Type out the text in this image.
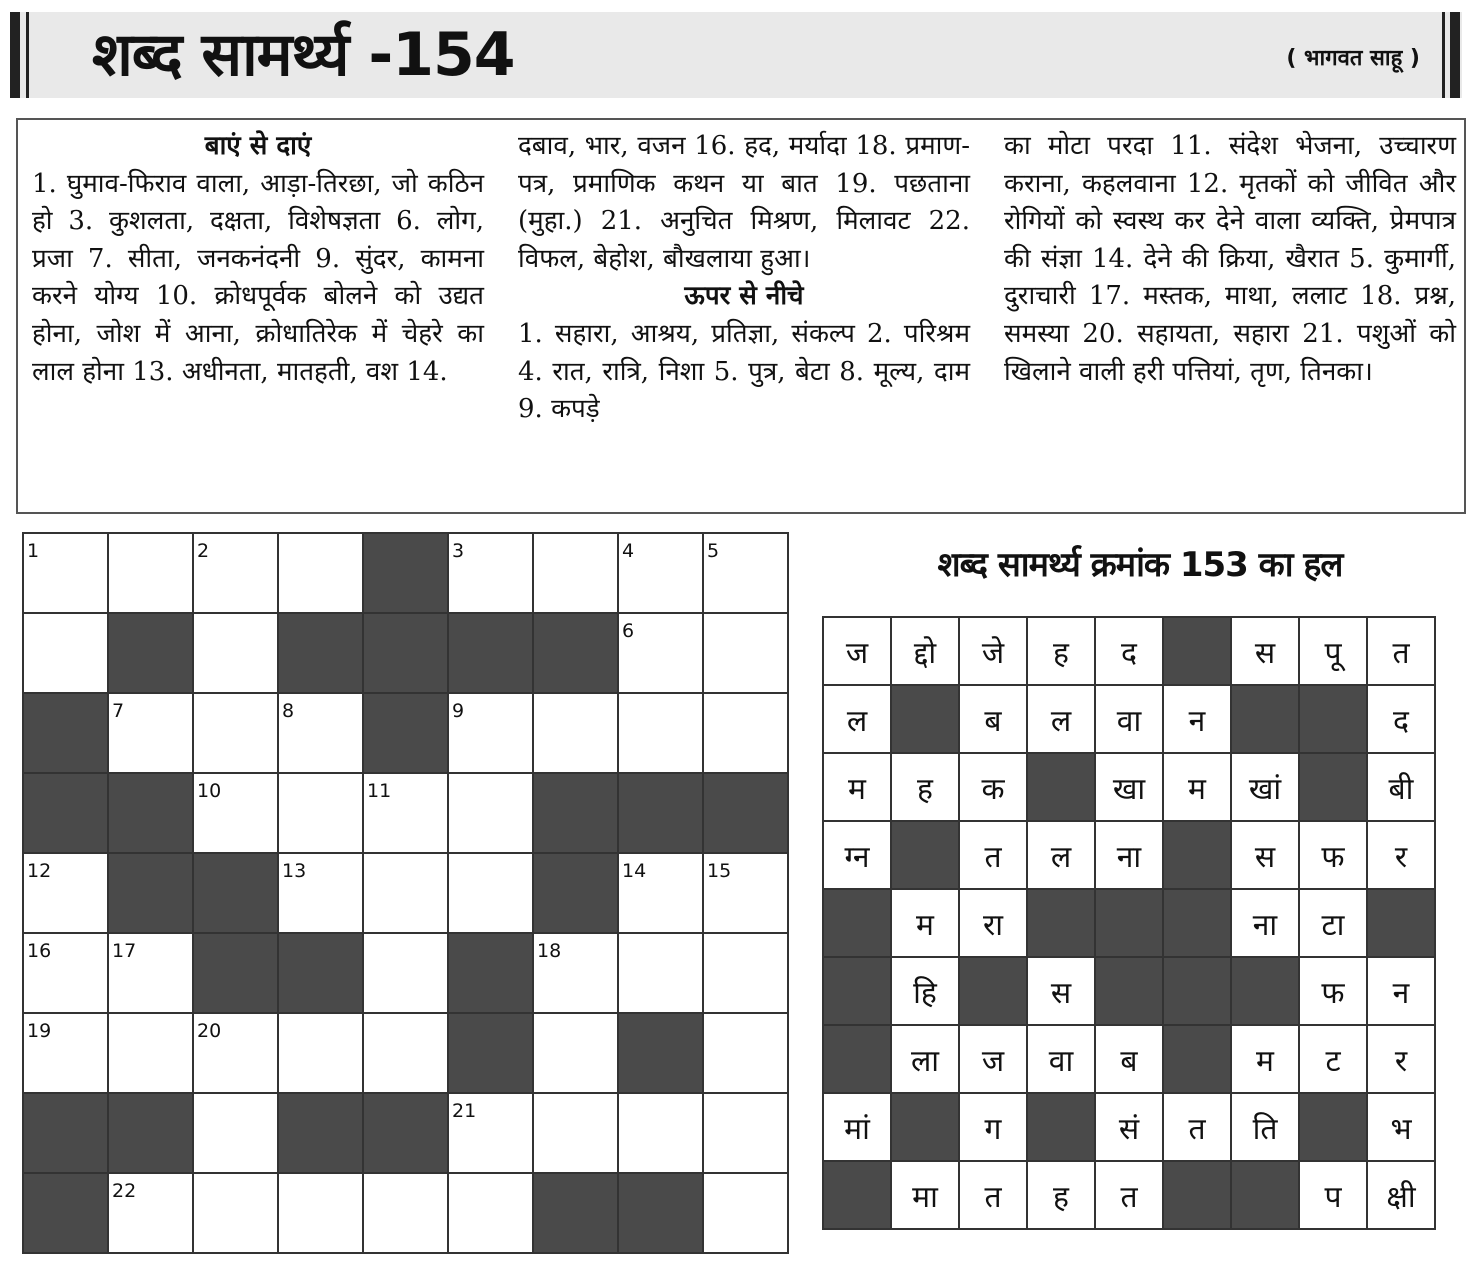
शब्द सामर्थ्य -154	( भागवत साहू )
बाएं से दाएं
1. घुमाव-फिराव वाला, आड़ा-तिरछा, जो कठिन हो 3. कुशलता, दक्षता, विशेषज्ञता 6. लोग, प्रजा 7. सीता, जनकनंदनी 9. सुंदर, कामना करने योग्य 10. क्रोधपूर्वक बोलने को उद्यत होना, जोश में आना, क्रोधातिरेक में चेहरे का लाल होना 13. अधीनता, मातहती, वश 14.
दबाव, भार, वजन 16. हद, मर्यादा 18. प्रमाण-पत्र, प्रमाणिक कथन या बात 19. पछताना (मुहा.) 21. अनुचित मिश्रण, मिलावट 22. विफल, बेहोश, बौखलाया हुआ।
ऊपर से नीचे
1. सहारा, आश्रय, प्रतिज्ञा, संकल्प 2. परिश्रम 4. रात, रात्रि, निशा 5. पुत्र, बेटा 8. मूल्य, दाम 9. कपड़े
का मोटा परदा 11. संदेश भेजना, उच्चारण कराना, कहलवाना 12. मृतकों को जीवित और रोगियों को स्वस्थ कर देने वाला व्यक्ति, प्रेमपात्र की संज्ञा 14. देने की क्रिया, खैरात 5. कुमार्गी, दुराचारी 17. मस्तक, माथा, ललाट 18. प्रश्न, समस्या 20. सहायता, सहारा 21. पशुओं को खिलाने वाली हरी पत्तियां, तृण, तिनका।
1		2			3		4	5

							6	

	7		8		9			

		10		11				

12			13				14	15

16	17					18		

19		20						

					21			

	22							

शब्द सामर्थ्य क्रमांक 153 का हल
ज	द्दो	जे	ह	द		स	पू	त
ल		ब	ल	वा	न			द
म	ह	क		खा	म	खां		बी
ग्न		त	ल	ना		स	फ	र
	म	रा				ना	टा	
	हि		स				फ	न
	ला	ज	वा	ब		म	ट	र
मां		ग		सं	त	ति		भ
	मा	त	ह	त			प	क्षी
